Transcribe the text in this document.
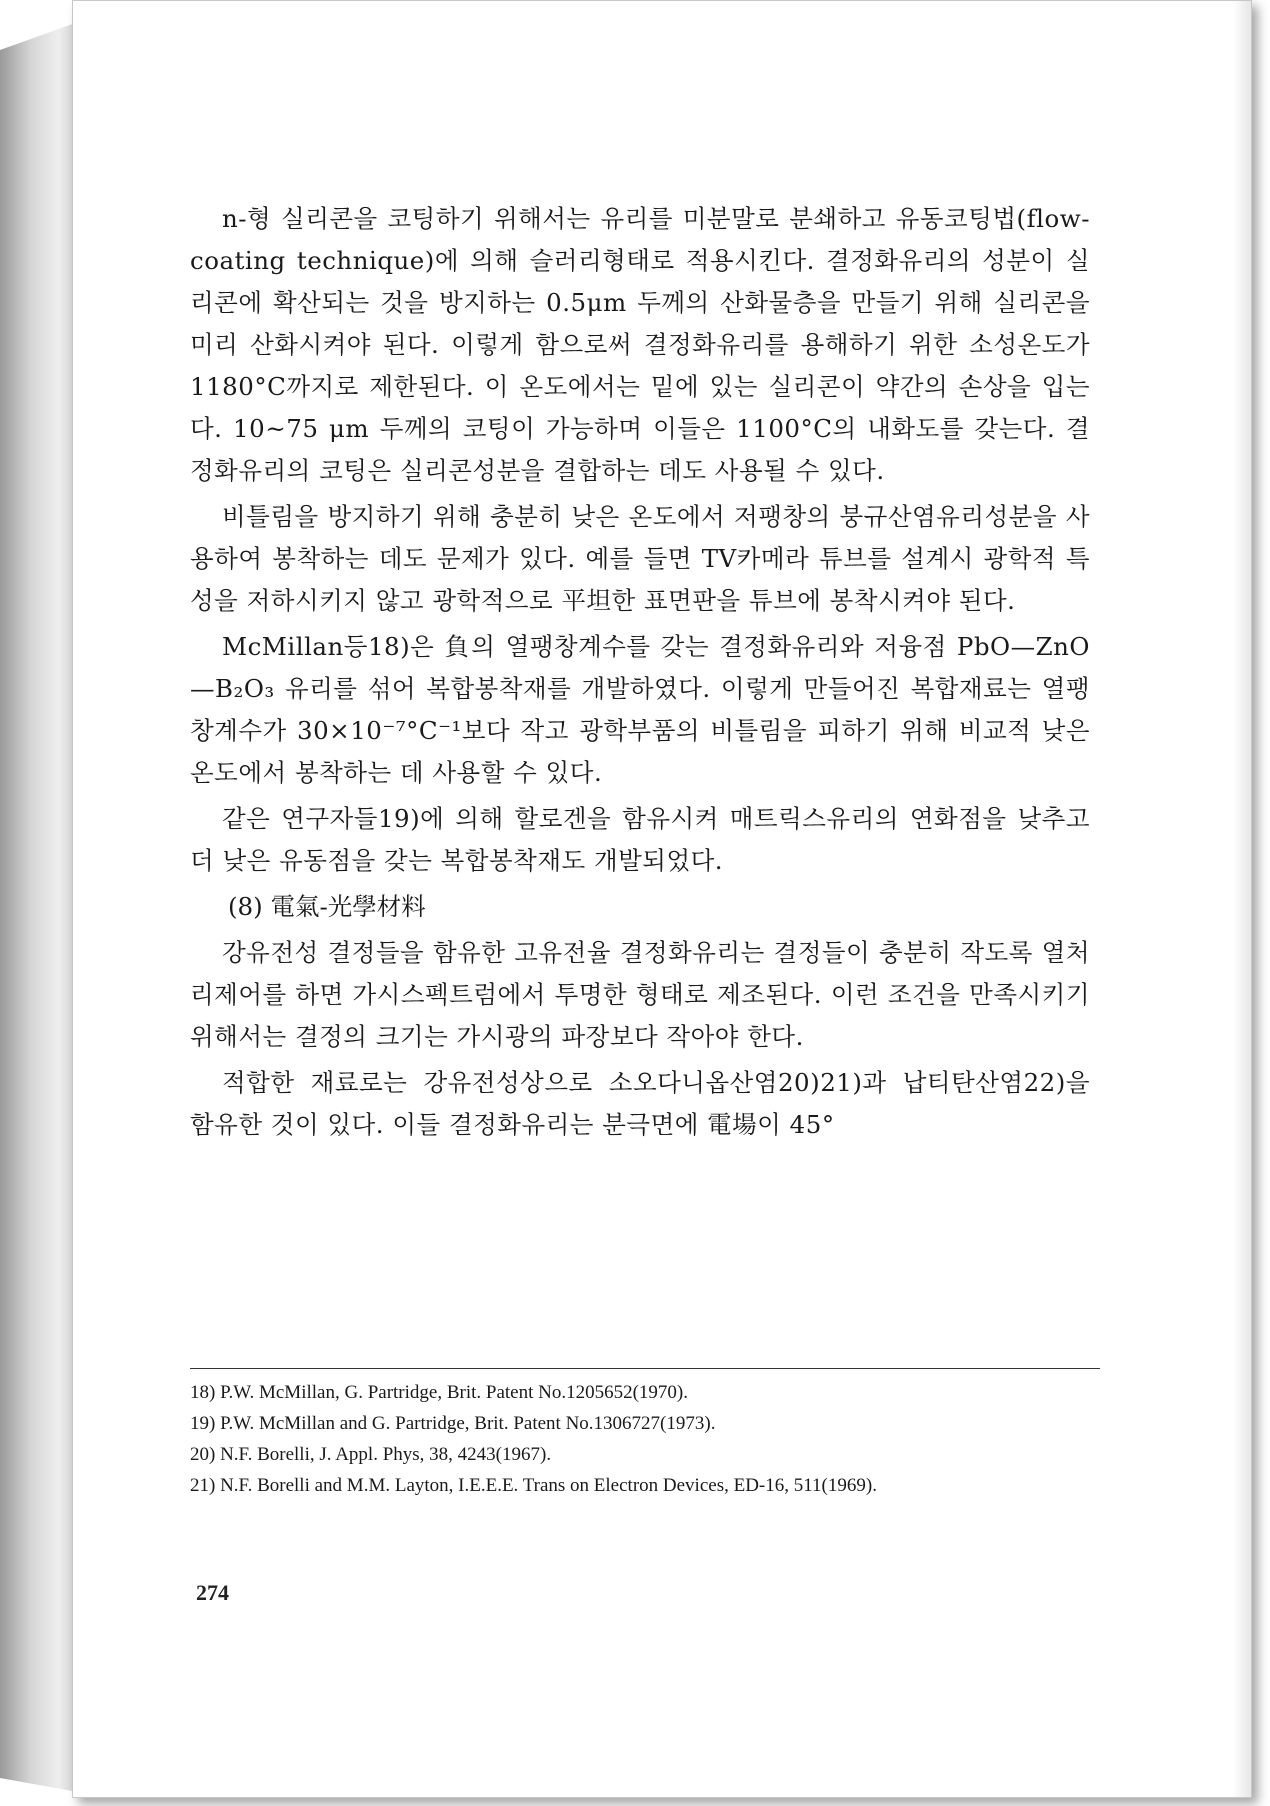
n-형 실리콘을 코팅하기 위해서는 유리를 미분말로 분쇄하고 유동코팅법(flow-coating technique)에 의해 슬러리형태로 적용시킨다. 결정화유리의 성분이 실리콘에 확산되는 것을 방지하는 0.5μm 두께의 산화물층을 만들기 위해 실리콘을 미리 산화시켜야 된다. 이렇게 함으로써 결정화유리를 용해하기 위한 소성온도가 1180°C까지로 제한된다. 이 온도에서는 밑에 있는 실리콘이 약간의 손상을 입는다. 10~75 μm 두께의 코팅이 가능하며 이들은 1100°C의 내화도를 갖는다. 결정화유리의 코팅은 실리콘성분을 결합하는 데도 사용될 수 있다.

비틀림을 방지하기 위해 충분히 낮은 온도에서 저팽창의 붕규산염유리성분을 사용하여 봉착하는 데도 문제가 있다. 예를 들면 TV카메라 튜브를 설계시 광학적 특성을 저하시키지 않고 광학적으로 平坦한 표면판을 튜브에 봉착시켜야 된다.

McMillan등18)은 負의 열팽창계수를 갖는 결정화유리와 저융점 PbO—ZnO—B₂O₃ 유리를 섞어 복합봉착재를 개발하였다. 이렇게 만들어진 복합재료는 열팽창계수가 30×10⁻⁷°C⁻¹보다 작고 광학부품의 비틀림을 피하기 위해 비교적 낮은 온도에서 봉착하는 데 사용할 수 있다.

같은 연구자들19)에 의해 할로겐을 함유시켜 매트릭스유리의 연화점을 낮추고 더 낮은 유동점을 갖는 복합봉착재도 개발되었다.

(8) 電氣-光學材料

강유전성 결정들을 함유한 고유전율 결정화유리는 결정들이 충분히 작도록 열처리제어를 하면 가시스펙트럼에서 투명한 형태로 제조된다. 이런 조건을 만족시키기 위해서는 결정의 크기는 가시광의 파장보다 작아야 한다.

적합한 재료로는 강유전성상으로 소오다니옵산염20)21)과 납티탄산염22)을 함유한 것이 있다. 이들 결정화유리는 분극면에 電場이 45°

18) P.W. McMillan, G. Partridge, Brit. Patent No.1205652(1970).

19) P.W. McMillan and G. Partridge, Brit. Patent No.1306727(1973).

20) N.F. Borelli, J. Appl. Phys, 38, 4243(1967).

21) N.F. Borelli and M.M. Layton, I.E.E.E. Trans on Electron Devices, ED-16, 511(1969).

274
